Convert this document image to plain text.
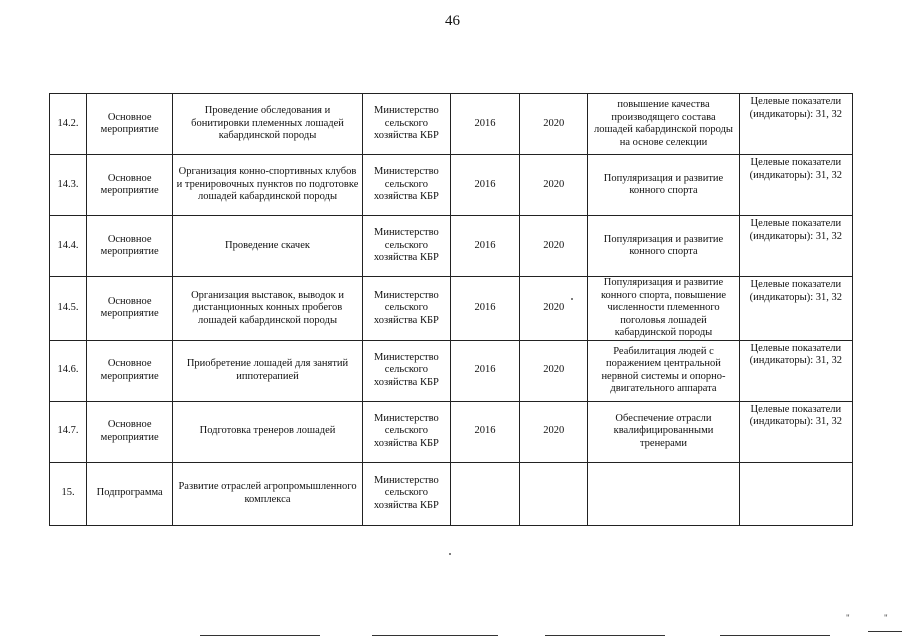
46
14.2.	Основное мероприятие	Проведение обследования и бонитировки племенных лошадей кабардинской породы	Министерство сельского хозяйства КБР	2016	2020	повышение качества производящего состава лошадей кабардинской породы на основе селекции	Целевые показатели (индикаторы): 31, 32
14.3.	Основное мероприятие	Организация конно-спортивных клубов и тренировочных пунктов по подготовке лошадей кабардинской породы	Министерство сельского хозяйства КБР	2016	2020	Популяризация и развитие конного спорта	Целевые показатели (индикаторы): 31, 32
14.4.	Основное мероприятие	Проведение скачек	Министерство сельского хозяйства КБР	2016	2020	Популяризация и развитие конного спорта	Целевые показатели (индикаторы): 31, 32
14.5.	Основное мероприятие	Организация выставок, выводок и дистанционных конных пробегов лошадей кабардинской породы	Министерство сельского хозяйства КБР	2016	2020	Популяризация и развитие конного спорта, повышение численности племенного поголовья лошадей кабардинской породы	Целевые показатели (индикаторы): 31, 32
14.6.	Основное мероприятие	Приобретение лошадей для занятий иппотерапией	Министерство сельского хозяйства КБР	2016	2020	Реабилитация людей с поражением центральной нервной системы и опорно-двигательного аппарата	Целевые показатели (индикаторы): 31, 32
14.7.	Основное мероприятие	Подготовка тренеров лошадей	Министерство сельского хозяйства КБР	2016	2020	Обеспечение отрасли квалифицированными тренерами	Целевые показатели (индикаторы): 31, 32
15.	Подпрограмма	Развитие отраслей агропромышленного комплекса	Министерство сельского хозяйства КБР				
"	"
